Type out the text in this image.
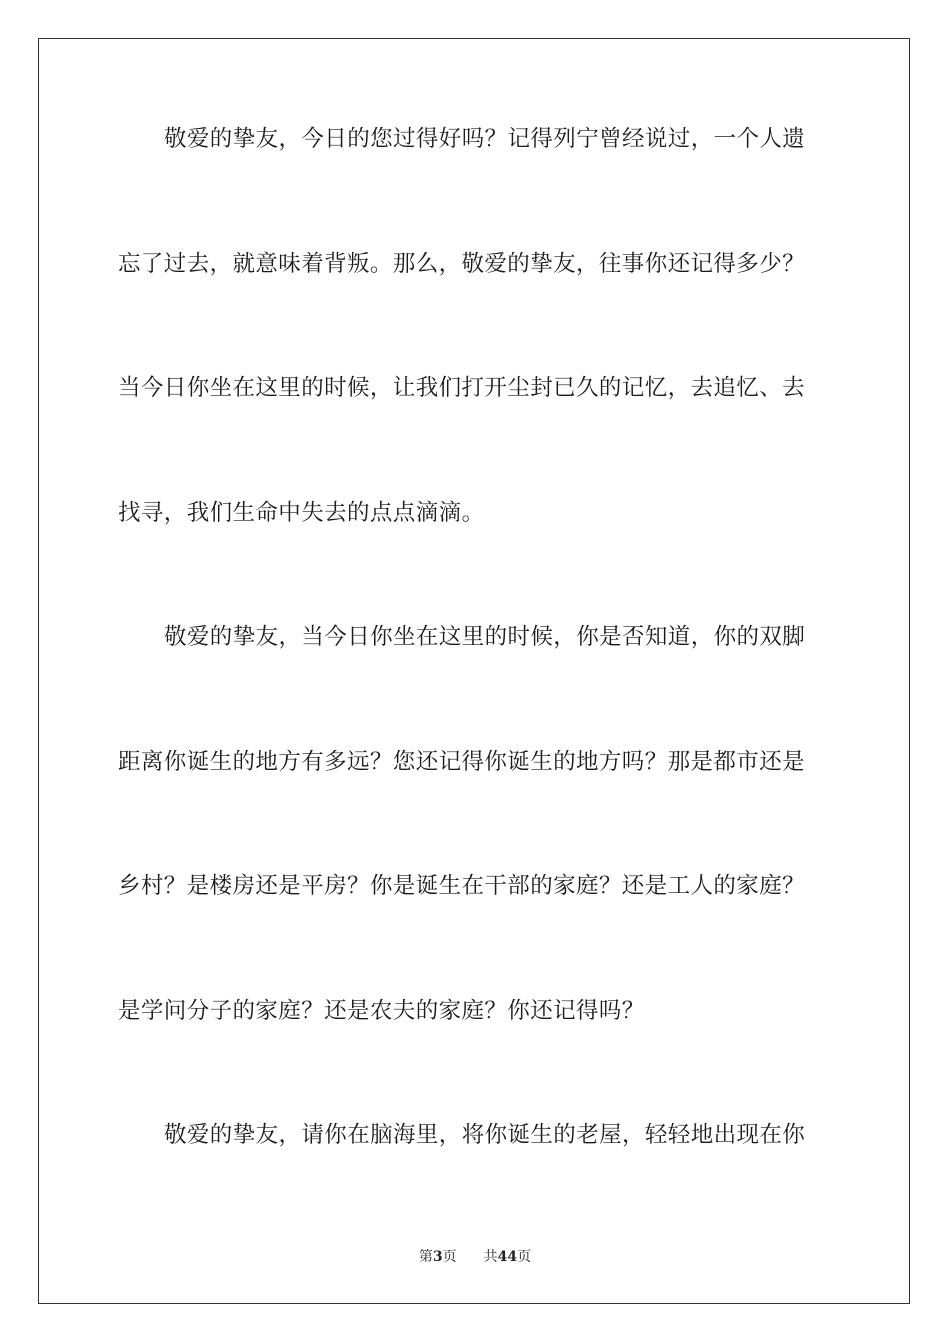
敬爱的挚友，今日的您过得好吗？记得列宁曾经说过，一个人遗

忘了过去，就意味着背叛。那么，敬爱的挚友，往事你还记得多少？

当今日你坐在这里的时候，让我们打开尘封已久的记忆，去追忆、去

找寻，我们生命中失去的点点滴滴。

敬爱的挚友，当今日你坐在这里的时候，你是否知道，你的双脚

距离你诞生的地方有多远？您还记得你诞生的地方吗？那是都市还是

乡村？是楼房还是平房？你是诞生在干部的家庭？还是工人的家庭？

是学问分子的家庭？还是农夫的家庭？你还记得吗？

敬爱的挚友，请你在脑海里，将你诞生的老屋，轻轻地出现在你

第3页 共44页
